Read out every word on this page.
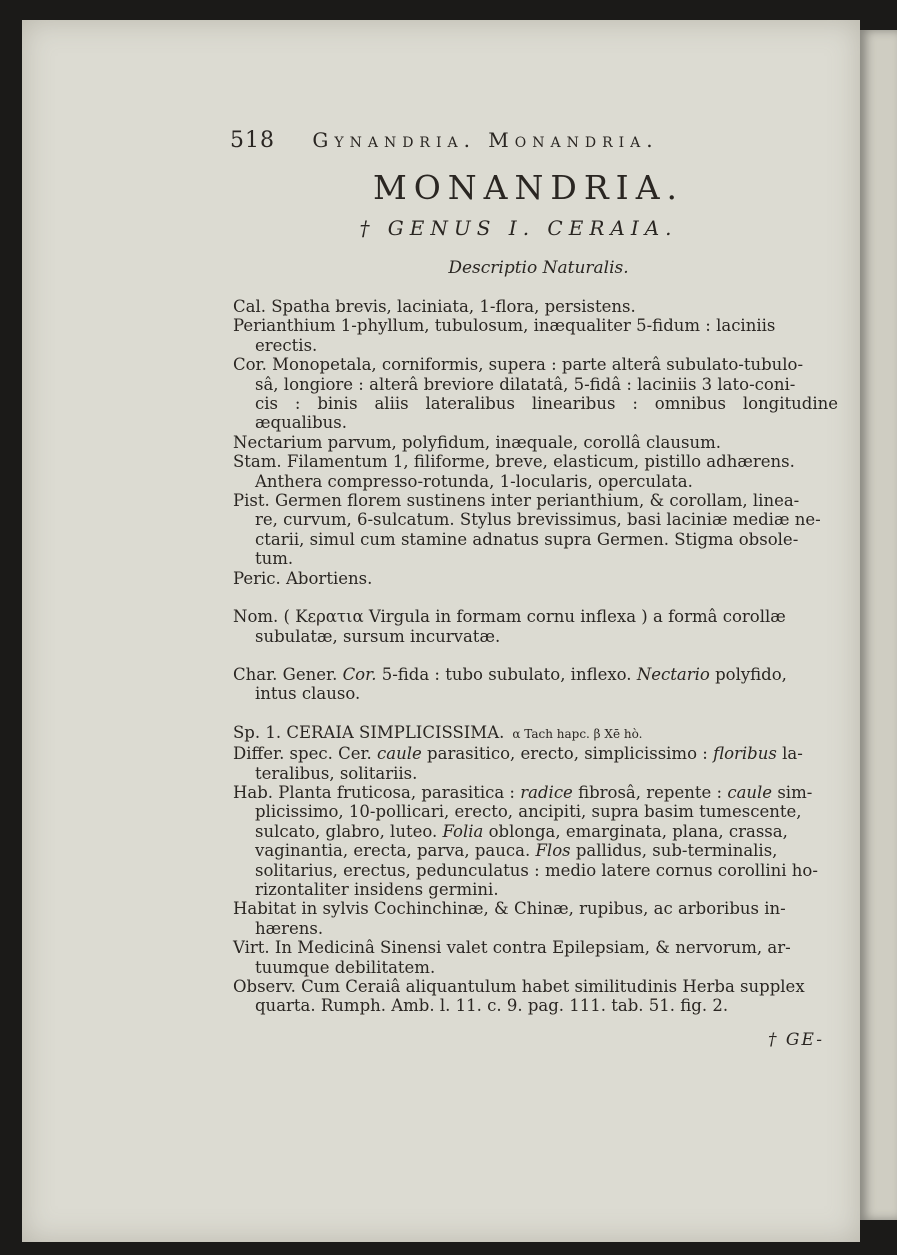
518 Gynandria. Monandria.
MONANDRIA.
† GENUS I. CERAIA.
Descriptio Naturalis.

Cal. Spatha brevis, laciniata, 1-flora, persistens.

Perianthium 1-phyllum, tubulosum, inæqualiter 5-fidum : laciniis
erectis.

Cor. Monopetala, corniformis, supera : parte alterâ subulato-tubulo-
sâ, longiore : alterâ breviore dilatatâ, 5-fidâ : laciniis 3 lato-coni-
cis : binis aliis lateralibus linearibus : omnibus longitudine æqualibus.

Nectarium parvum, polyfidum, inæquale, corollâ clausum.

Stam. Filamentum 1, filiforme, breve, elasticum, pistillo adhærens.
Anthera compresso-rotunda, 1-locularis, operculata.

Pist. Germen florem sustinens inter perianthium, & corollam, linea-
re, curvum, 6-sulcatum. Stylus brevissimus, basi laciniæ mediæ ne-
ctarii, simul cum stamine adnatus supra Germen. Stigma obsole-
tum.

Peric. Abortiens.

Nom. ( Κερατια Virgula in formam cornu inflexa ) a formâ corollæ
subulatæ, sursum incurvatæ.

Char. Gener. Cor. 5-fida : tubo subulato, inflexo. Nectario polyfido,
intus clauso.

Sp. 1. CERAIA SIMPLICISSIMA. α Tach hapc. β Xē hò.

Differ. spec. Cer. caule parasitico, erecto, simplicissimo : floribus la-
teralibus, solitariis.

Hab. Planta fruticosa, parasitica : radice fibrosâ, repente : caule sim-
plicissimo, 10-pollicari, erecto, ancipiti, supra basim tumescente,
sulcato, glabro, luteo. Folia oblonga, emarginata, plana, crassa,
vaginantia, erecta, parva, pauca. Flos pallidus, sub-terminalis,
solitarius, erectus, pedunculatus : medio latere cornus corollini ho-
rizontaliter insidens germini.

Habitat in sylvis Cochinchinæ, & Chinæ, rupibus, ac arboribus in-
hærens.

Virt. In Medicinâ Sinensi valet contra Epilepsiam, & nervorum, ar-
tuumque debilitatem.

Observ. Cum Ceraiâ aliquantulum habet similitudinis Herba supplex
quarta. Rumph. Amb. l. 11. c. 9. pag. 111. tab. 51. fig. 2.

† GE-
